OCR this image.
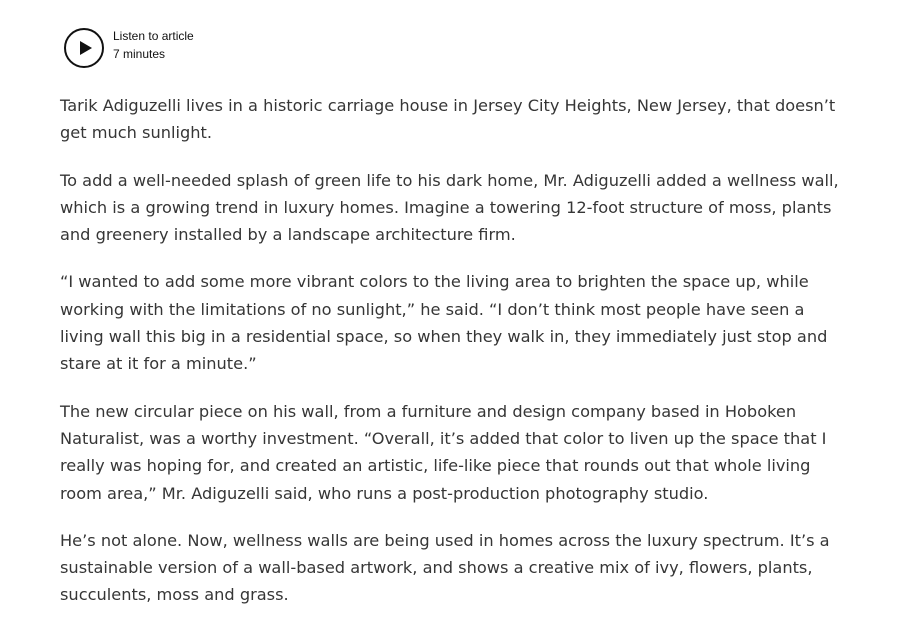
Listen to article
7 minutes

Tarik Adiguzelli lives in a historic carriage house in Jersey City Heights, New Jersey, that doesn’t get much sunlight.

To add a well-needed splash of green life to his dark home, Mr. Adiguzelli added a wellness wall, which is a growing trend in luxury homes. Imagine a towering 12-foot structure of moss, plants and greenery installed by a landscape architecture firm.

“I wanted to add some more vibrant colors to the living area to brighten the space up, while working with the limitations of no sunlight,” he said. “I don’t think most people have seen a living wall this big in a residential space, so when they walk in, they immediately just stop and stare at it for a minute.”

The new circular piece on his wall, from a furniture and design company based in Hoboken Naturalist, was a worthy investment. “Overall, it’s added that color to liven up the space that I really was hoping for, and created an artistic, life-like piece that rounds out that whole living room area,” Mr. Adiguzelli said, who runs a post-production photography studio.

He’s not alone. Now, wellness walls are being used in homes across the luxury spectrum. It’s a sustainable version of a wall-based artwork, and shows a creative mix of ivy, flowers, plants, succulents, moss and grass.
